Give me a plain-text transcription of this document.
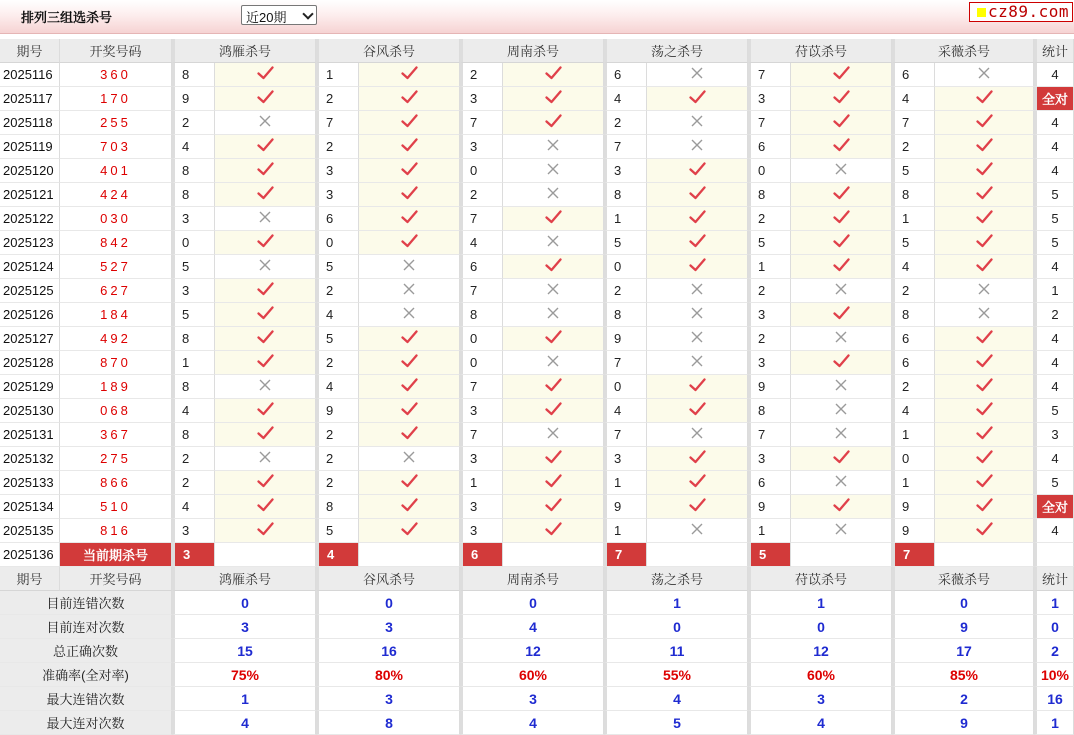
排列三组选杀号	近20期	cz89.com
期号	开奖号码	鸿雁杀号		谷风杀号		周南杀号		荡之杀号		苻苡杀号		采薇杀号		统计
2025116	360	8		1		2		6		7		6		4
2025117	170	9		2		3		4		3		4		全对
2025118	255	2		7		7		2		7		7		4
2025119	703	4		2		3		7		6		2		4
2025120	401	8		3		0		3		0		5		4
2025121	424	8		3		2		8		8		8		5
2025122	030	3		6		7		1		2		1		5
2025123	842	0		0		4		5		5		5		5
2025124	527	5		5		6		0		1		4		4
2025125	627	3		2		7		2		2		2		1
2025126	184	5		4		8		8		3		8		2
2025127	492	8		5		0		9		2		6		4
2025128	870	1		2		0		7		3		6		4
2025129	189	8		4		7		0		9		2		4
2025130	068	4		9		3		4		8		4		5
2025131	367	8		2		7		7		7		1		3
2025132	275	2		2		3		3		3		0		4
2025133	866	2		2		1		1		6		1		5
2025134	510	4		8		3		9		9		9		全对
2025135	816	3		5		3		1		1		9		4
2025136	当前期杀号	3		4		6		7		5		7		
期号	开奖号码	鸿雁杀号		谷风杀号		周南杀号		荡之杀号		苻苡杀号		采薇杀号		统计
目前连错次数		0		0		0		1		1		0		1
目前连对次数		3		3		4		0		0		9		0
总正确次数		15		16		12		11		12		17		2
准确率(全对率)		75%		80%		60%		55%		60%		85%		10%
最大连错次数		1		3		3		4		3		2		16
最大连对次数		4		8		4		5		4		9		1
